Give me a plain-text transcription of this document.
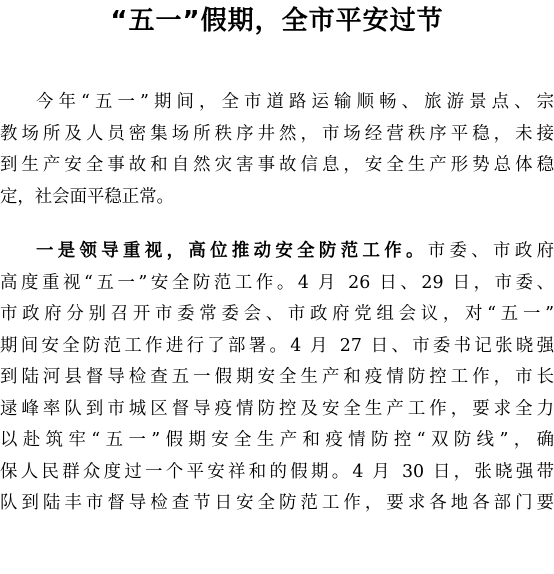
“五一”假期，全市平安过节
今年“五一”期间，全市道路运输顺畅、旅游景点、宗
教场所及人员密集场所秩序井然，市场经营秩序平稳，未接
到生产安全事故和自然灾害事故信息，安全生产形势总体稳
定，社会面平稳正常。
一是领导重视，高位推动安全防范工作。市委、市政府
高度重视“五一”安全防范工作。4 月 26 日、29 日，市委、
市政府分别召开市委常委会、市政府党组会议，对“五一”
期间安全防范工作进行了部署。4 月 27 日、市委书记张晓强
到陆河县督导检查五一假期安全生产和疫情防控工作，市长
逯峰率队到市城区督导疫情防控及安全生产工作，要求全力
以赴筑牢“五一”假期安全生产和疫情防控“双防线”，确
保人民群众度过一个平安祥和的假期。4 月 30 日，张晓强带
队到陆丰市督导检查节日安全防范工作，要求各地各部门要
